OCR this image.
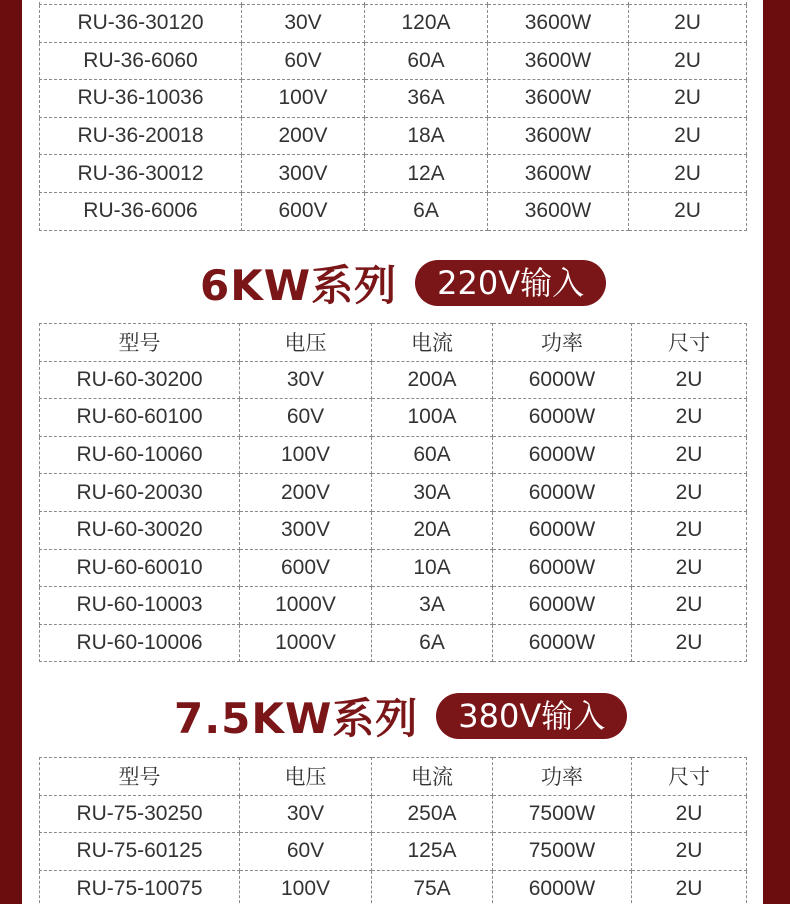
RU-36-30120	30V	120A	3600W	2U
RU-36-6060	60V	60A	3600W	2U
RU-36-10036	100V	36A	3600W	2U
RU-36-20018	200V	18A	3600W	2U
RU-36-30012	300V	12A	3600W	2U
RU-36-6006	600V	6A	3600W	2U
6KW系列	220V输入
型号	电压	电流	功率	尺寸
RU-60-30200	30V	200A	6000W	2U
RU-60-60100	60V	100A	6000W	2U
RU-60-10060	100V	60A	6000W	2U
RU-60-20030	200V	30A	6000W	2U
RU-60-30020	300V	20A	6000W	2U
RU-60-60010	600V	10A	6000W	2U
RU-60-10003	1000V	3A	6000W	2U
RU-60-10006	1000V	6A	6000W	2U
7.5KW系列	380V输入
型号	电压	电流	功率	尺寸
RU-75-30250	30V	250A	7500W	2U
RU-75-60125	60V	125A	7500W	2U
RU-75-10075	100V	75A	6000W	2U
